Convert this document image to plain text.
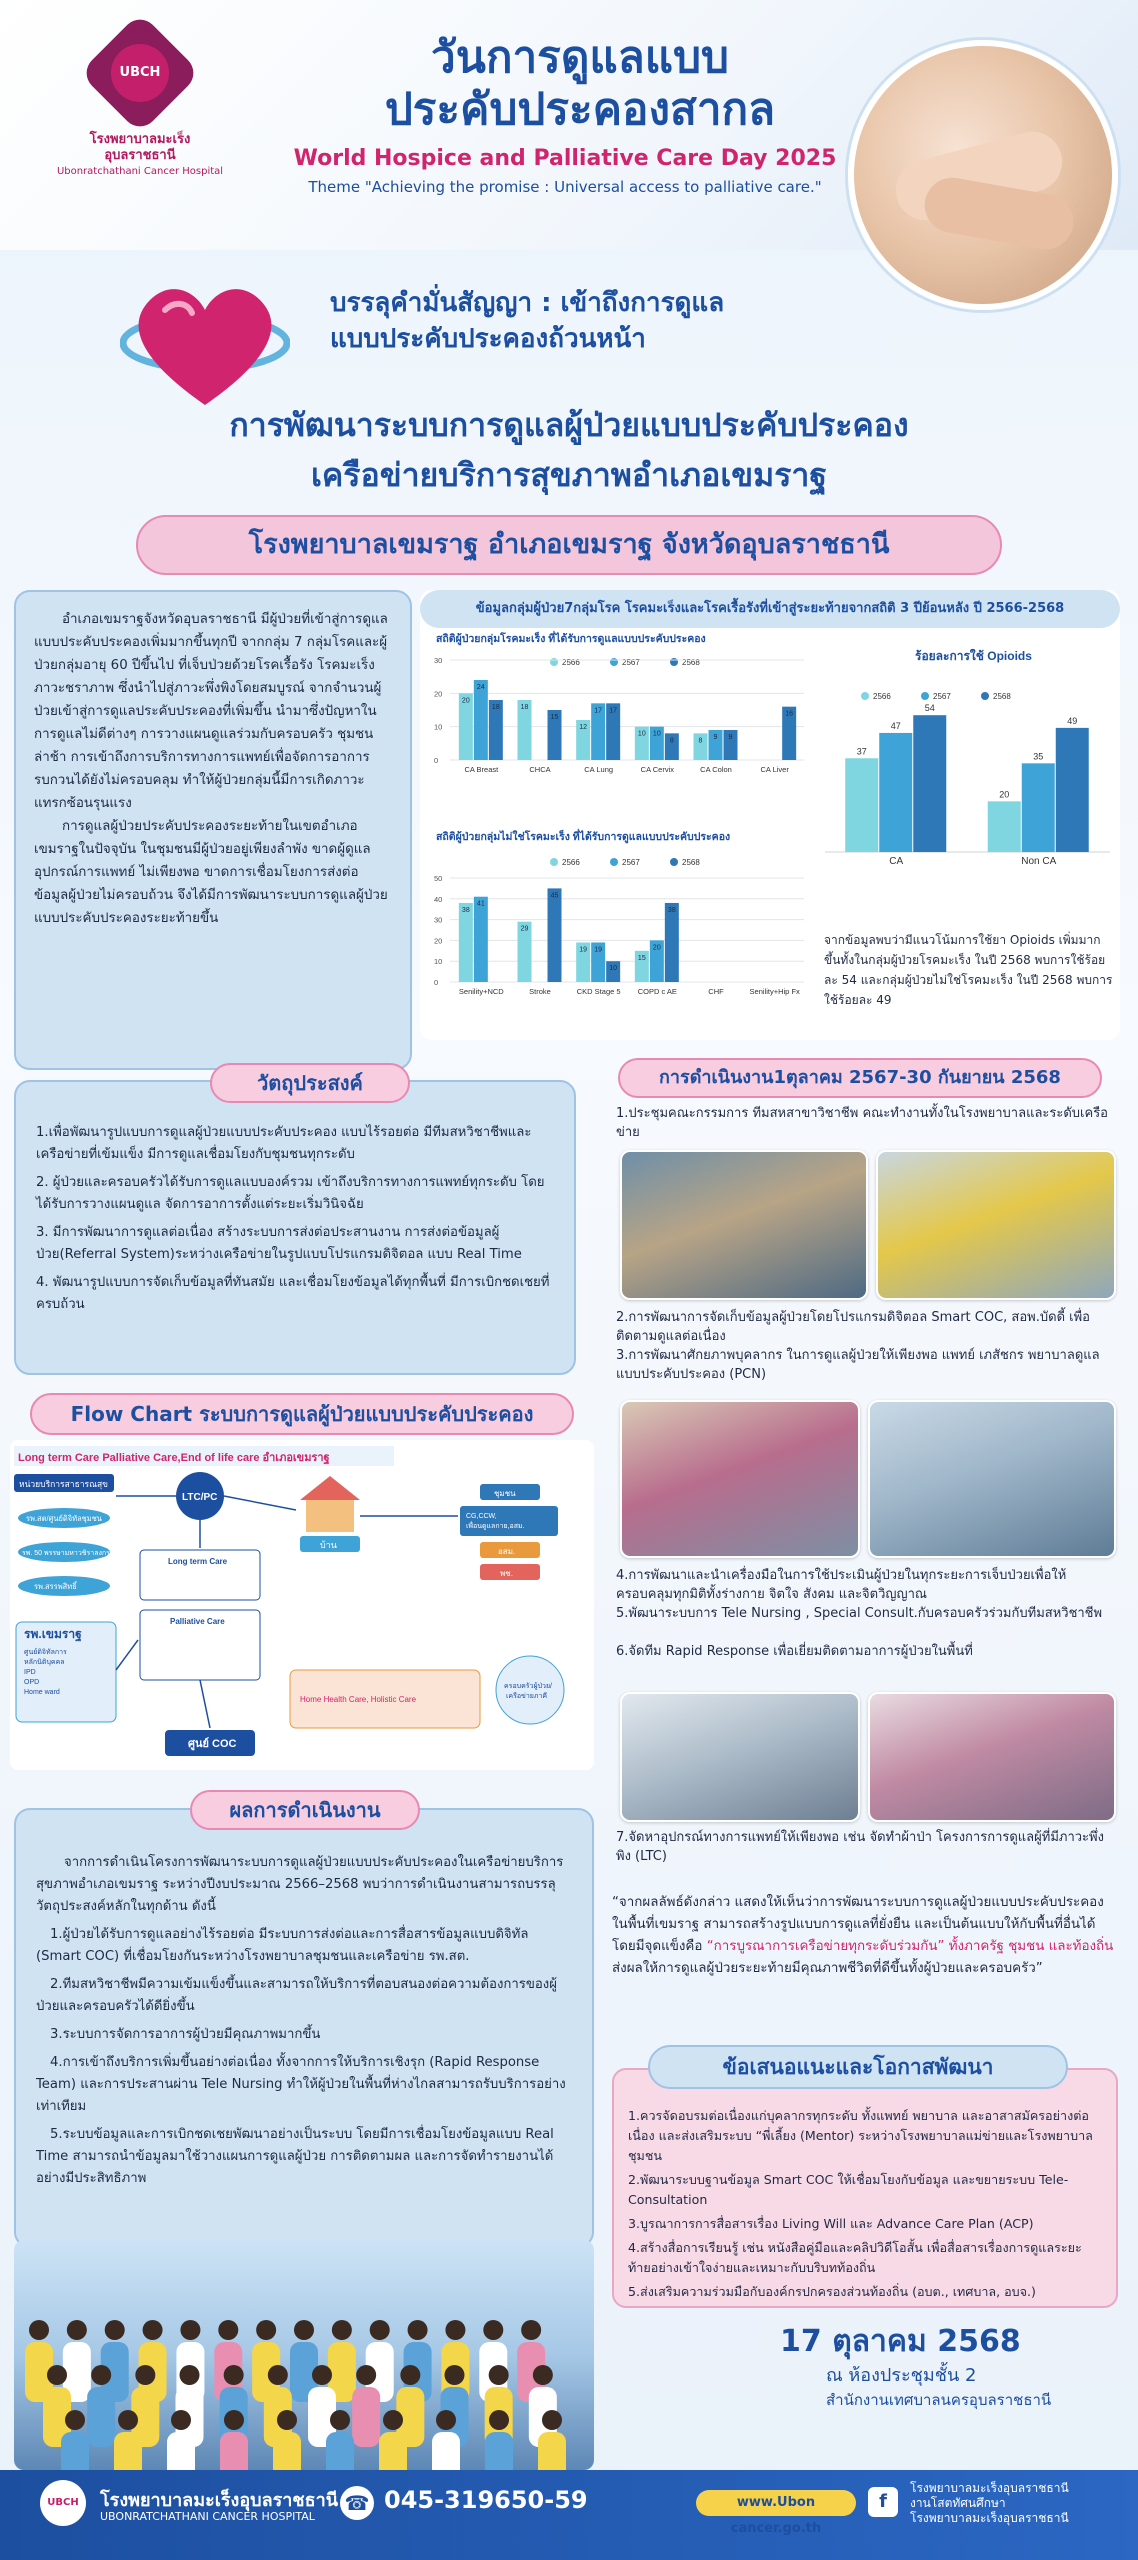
UBCH
โรงพยาบาลมะเร็ง
อุบลราชธานี
Ubonratchathani Cancer Hospital
วันการดูแลแบบ
ประคับประคองสากล
World Hospice and Palliative Care Day 2025
Theme "Achieving the promise : Universal access to palliative care."
บรรลุคำมั่นสัญญา : เข้าถึงการดูแล
แบบประคับประคองถ้วนหน้า
การพัฒนาระบบการดูแลผู้ป่วยแบบประคับประคอง
เครือข่ายบริการสุขภาพอำเภอเขมราฐ
โรงพยาบาลเขมราฐ อำเภอเขมราฐ จังหวัดอุบลราชธานี

อำเภอเขมราฐจังหวัดอุบลราชธานี มีผู้ป่วยที่เข้าสู่การดูแลแบบประคับประคองเพิ่มมากขึ้นทุกปี จากกลุ่ม 7 กลุ่มโรคและผู้ป่วยกลุ่มอายุ 60 ปีขึ้นไป ที่เจ็บป่วยด้วยโรคเรื้อรัง โรคมะเร็ง ภาวะชราภาพ ซึ่งนำไปสู่ภาวะพึ่งพิงโดยสมบูรณ์ จากจำนวนผู้ป่วยเข้าสู่การดูแลประคับประคองที่เพิ่มขึ้น นำมาซึ่งปัญหาในการดูแลไม่ดีต่างๆ การวางแผนดูแลร่วมกับครอบครัว ชุมชนล่าช้า การเข้าถึงการบริการทางการแพทย์เพื่อจัดการอาการรบกวนได้ยังไม่ครอบคลุม ทำให้ผู้ป่วยกลุ่มนี้มีการเกิดภาวะแทรกซ้อนรุนแรง

การดูแลผู้ป่วยประคับประคองระยะท้ายในเขตอำเภอเขมราฐในปัจจุบัน ในชุมชนมีผู้ป่วยอยู่เพียงลำพัง ขาดผู้ดูแล อุปกรณ์การแพทย์ ไม่เพียงพอ ขาดการเชื่อมโยงการส่งต่อข้อมูลผู้ป่วยไม่ครอบถ้วน จึงได้มีการพัฒนาระบบการดูแลผู้ป่วยแบบประคับประคองระยะท้ายขึ้น

ข้อมูลกลุ่มผู้ป่วย7กลุ่มโรค โรคมะเร็งและโรคเรื้อรังที่เข้าสู่ระยะท้ายจากสถิติ 3 ปีย้อนหลัง ปี 2566-2568
สถิติผู้ป่วยกลุ่มโรคมะเร็ง ที่ได้รับการดูแลแบบประคับประคอง
2566	2567	2568
0
10
20
30
20
24
18
CA Breast
18
15
CHCA
12
17 17
CA Lung
10 10
8
CA Cervix
8 9 9
CA Colon
16
CA Liver
สถิติผู้ป่วยกลุ่มไม่ใช่โรคมะเร็ง ที่ได้รับการดูแลแบบประคับประคอง
2566	2567	2568
0
10
20
30
40
50
38
41
Senility+NCD
29
45
Stroke
19 19
10
CKD Stage 5
15
20
38
COPD c AE	CHF	Senility+Hip Fx
ร้อยละการใช้ Opioids
2566	2567	2568
37
47
54
CA
20
35
49
Non CA
จากข้อมูลพบว่ามีแนวโน้มการใช้ยา Opioids เพิ่มมากขึ้นทั้งในกลุ่มผู้ป่วยโรคมะเร็ง ในปี 2568 พบการใช้ร้อยละ 54 และกลุ่มผู้ป่วยไม่ใช่โรคมะเร็ง ในปี 2568 พบการใช้ร้อยละ 49

1.เพื่อพัฒนารูปแบบการดูแลผู้ป่วยแบบประคับประคอง แบบไร้รอยต่อ มีทีมสหวิชาชีพและเครือข่ายที่เข้มแข็ง มีการดูแลเชื่อมโยงกับชุมชนทุกระดับ

2. ผู้ป่วยและครอบครัวได้รับการดูแลแบบองค์รวม เข้าถึงบริการทางการแพทย์ทุกระดับ โดยได้รับการวางแผนดูแล จัดการอาการตั้งแต่ระยะเริ่มวินิจฉัย

3. มีการพัฒนาการดูแลต่อเนื่อง สร้างระบบการส่งต่อประสานงาน การส่งต่อข้อมูลผู้ป่วย(Referral System)ระหว่างเครือข่ายในรูปแบบโปรแกรมดิจิตอล แบบ Real Time

4. พัฒนารูปแบบการจัดเก็บข้อมูลที่ทันสมัย และเชื่อมโยงข้อมูลได้ทุกพื้นที่ มีการเบิกชดเชยที่ครบถ้วน

วัตถุประสงค์	การดำเนินงาน1ตุลาคม 2567-30 กันยายน 2568
1.ประชุมคณะกรรมการ ทีมสหสาขาวิชาชีพ คณะทำงานทั้งในโรงพยาบาลและระดับเครือข่าย
2.การพัฒนาการจัดเก็บข้อมูลผู้ป่วยโดยโปรแกรมดิจิตอล Smart COC, สอพ.บัดดี้ เพื่อติดตามดูแลต่อเนื่อง
3.การพัฒนาศักยภาพบุคลากร ในการดูแลผู้ป่วยให้เพียงพอ แพทย์ เภสัชกร พยาบาลดูแลแบบประคับประคอง (PCN)
4.การพัฒนาและนำเครื่องมือในการใช้ประเมินผู้ป่วยในทุกระยะการเจ็บป่วยเพื่อให้ครอบคลุมทุกมิติทั้งร่างกาย จิตใจ สังคม และจิตวิญญาณ
5.พัฒนาระบบการ Tele Nursing , Special Consult.กับครอบครัวร่วมกับทีมสหวิชาชีพ
6.จัดทีม Rapid Response เพื่อเยี่ยมติดตามอาการผู้ป่วยในพื้นที่
7.จัดหาอุปกรณ์ทางการแพทย์ให้เพียงพอ เช่น จัดทำผ้าป่า โครงการการดูแลผู้ที่มีภาวะพึ่งพิง (LTC)
Flow Chart ระบบการดูแลผู้ป่วยแบบประคับประคอง
Long term Care Palliative Care,End of life care อำเภอเขมราฐ
หน่วยบริการสาธารณสุข
รพ.สต/ศูนย์ดิจิทัลชุมชน
รพ. 50 พรรษามหาวชิราลงกรณ
รพ.สรรพสิทธิ์
รพ.เขมราฐ
ศูนย์ดิจิทัลการหลักนิติบุคคล IPD OPD Home ward
LTC/PC
Long term Care
Palliative Care
ศูนย์ COC
บ้าน
ชุมชน
CG,CCW,เพื่อนดูแลกาย,อสม.
อสม.
พช.
Home Health Care, Holistic Care
ครอบครัวผู้ป่วย/เครือข่ายภาคี

จากการดำเนินโครงการพัฒนาระบบการดูแลผู้ป่วยแบบประคับประคองในเครือข่ายบริการสุขภาพอำเภอเขมราฐ ระหว่างปีงบประมาณ 2566–2568 พบว่าการดำเนินงานสามารถบรรลุวัตถุประสงค์หลักในทุกด้าน ดังนี้

1.ผู้ป่วยได้รับการดูแลอย่างไร้รอยต่อ มีระบบการส่งต่อและการสื่อสารข้อมูลแบบดิจิทัล (Smart COC) ที่เชื่อมโยงกันระหว่างโรงพยาบาลชุมชนและเครือข่าย รพ.สต.

2.ทีมสหวิชาชีพมีความเข้มแข็งขึ้นและสามารถให้บริการที่ตอบสนองต่อความต้องการของผู้ป่วยและครอบครัวได้ดียิ่งขึ้น

3.ระบบการจัดการอาการผู้ป่วยมีคุณภาพมากขึ้น

4.การเข้าถึงบริการเพิ่มขึ้นอย่างต่อเนื่อง ทั้งจากการให้บริการเชิงรุก (Rapid Response Team) และการประสานผ่าน Tele Nursing ทำให้ผู้ป่วยในพื้นที่ห่างไกลสามารถรับบริการอย่างเท่าเทียม

5.ระบบข้อมูลและการเบิกชดเชยพัฒนาอย่างเป็นระบบ โดยมีการเชื่อมโยงข้อมูลแบบ Real Time สามารถนำข้อมูลมาใช้วางแผนการดูแลผู้ป่วย การติดตามผล และการจัดทำรายงานได้อย่างมีประสิทธิภาพ

ผลการดำเนินงาน
“จากผลลัพธ์ดังกล่าว แสดงให้เห็นว่าการพัฒนาระบบการดูแลผู้ป่วยแบบประคับประคองในพื้นที่เขมราฐ สามารถสร้างรูปแบบการดูแลที่ยั่งยืน และเป็นต้นแบบให้กับพื้นที่อื่นได้ โดยมีจุดแข็งคือ “การบูรณาการเครือข่ายทุกระดับร่วมกัน” ทั้งภาครัฐ ชุมชน และท้องถิ่น ส่งผลให้การดูแลผู้ป่วยระยะท้ายมีคุณภาพชีวิตที่ดีขึ้นทั้งผู้ป่วยและครอบครัว”

1.ควรจัดอบรมต่อเนื่องแก่บุคลากรทุกระดับ ทั้งแพทย์ พยาบาล และอาสาสมัครอย่างต่อเนื่อง และส่งเสริมระบบ “พี่เลี้ยง (Mentor) ระหว่างโรงพยาบาลแม่ข่ายและโรงพยาบาลชุมชน

2.พัฒนาระบบฐานข้อมูล Smart COC ให้เชื่อมโยงกับข้อมูล และขยายระบบ Tele-Consultation

3.บูรณาการการสื่อสารเรื่อง Living Will และ Advance Care Plan (ACP)

4.สร้างสื่อการเรียนรู้ เช่น หนังสือคู่มือและคลิปวิดีโอสั้น เพื่อสื่อสารเรื่องการดูแลระยะท้ายอย่างเข้าใจง่ายและเหมาะกับบริบทท้องถิ่น

5.ส่งเสริมความร่วมมือกับองค์กรปกครองส่วนท้องถิ่น (อบต., เทศบาล, อบจ.)

ข้อเสนอแนะและโอกาสพัฒนา
17 ตุลาคม 2568
ณ ห้องประชุมชั้น 2
สำนักงานเทศบาลนครอุบลราชธานี
UBCH	โรงพยาบาลมะเร็งอุบลราชธานี
UBONRATCHATHANI CANCER HOSPITAL
☎ 045-319650-59	www.Ubon cancer.go.th
f
โรงพยาบาลมะเร็งอุบลราชธานี
งานโสตทัศนศึกษา
โรงพยาบาลมะเร็งอุบลราชธานี
